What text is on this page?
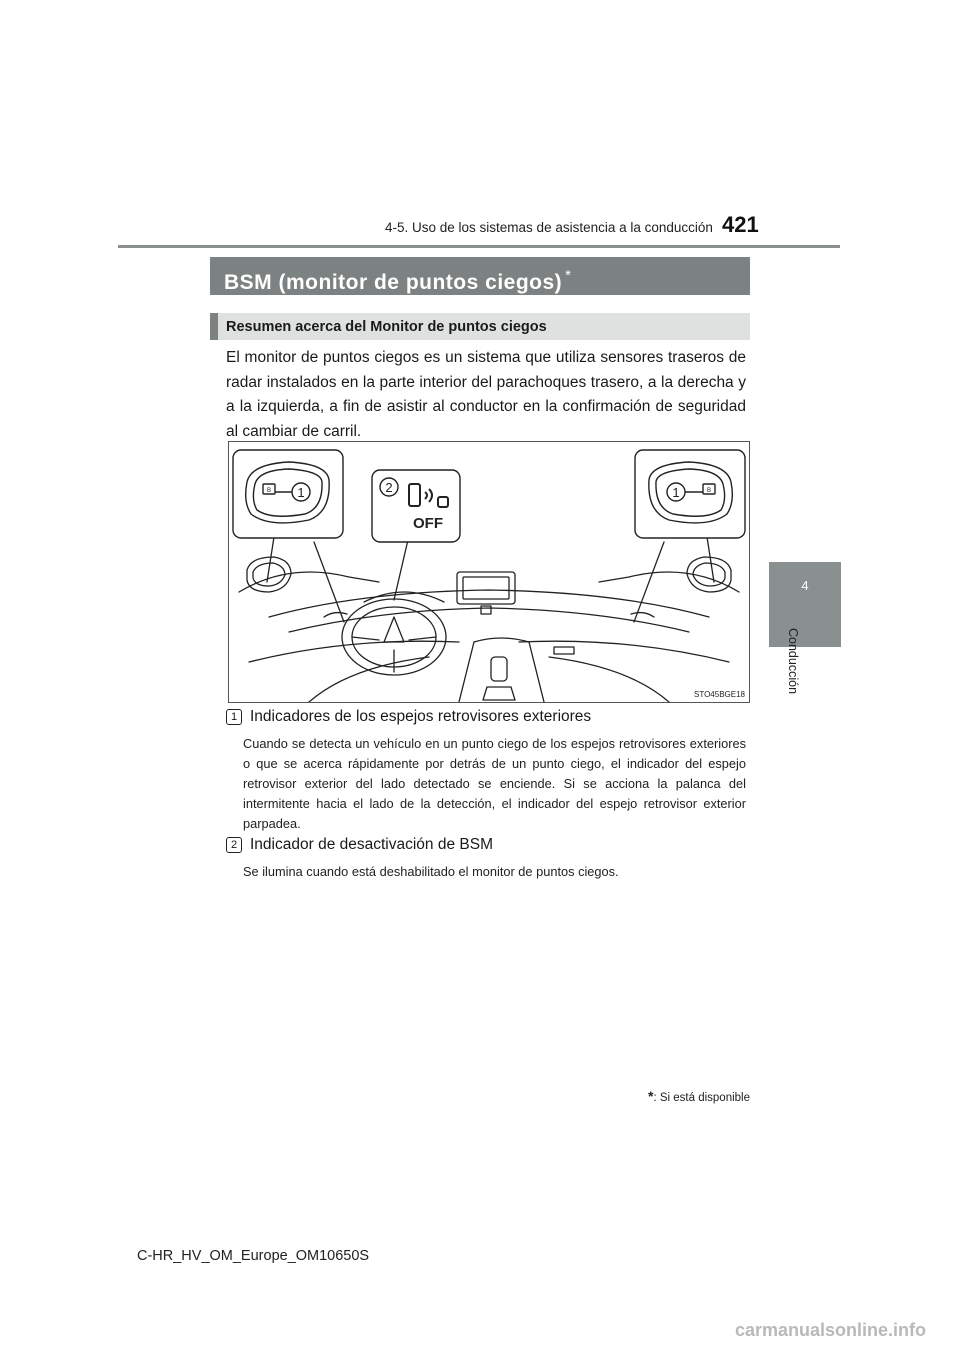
4-5. Uso de los sistemas de asistencia a la conducción 421
4
Conducción
BSM (monitor de puntos ciegos) *
Resumen acerca del Monitor de puntos ciegos

El monitor de puntos ciegos es un sistema que utiliza sensores traseros de radar instalados en la parte interior del parachoques trasero, a la derecha y a la izquierda, a fin de asistir al conductor en la confirmación de seguridad al cambiar de carril.

1	1
2
OFF
B	B
STO45BGE18
1 Indicadores de los espejos retrovisores exteriores

Cuando se detecta un vehículo en un punto ciego de los espejos retrovisores exteriores o que se acerca rápidamente por detrás de un punto ciego, el indicador del espejo retrovisor exterior del lado detectado se enciende. Si se acciona la palanca del intermitente hacia el lado de la detección, el indicador del espejo retrovisor exterior parpadea.

2 Indicador de desactivación de BSM

Se ilumina cuando está deshabilitado el monitor de puntos ciegos.

*: Si está disponible
C-HR_HV_OM_Europe_OM10650S
carmanualsonline.info
